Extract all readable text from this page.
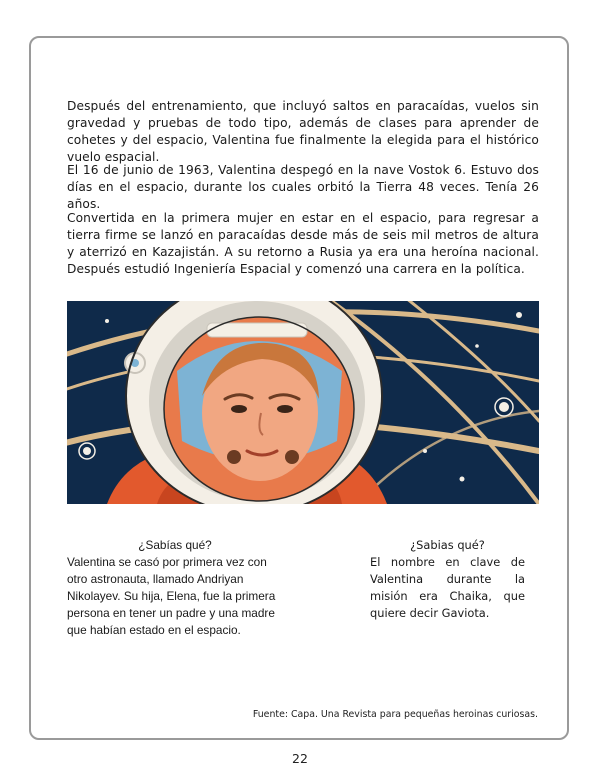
Después del entrenamiento, que incluyó saltos en paracaídas, vuelos sin gravedad y pruebas de todo tipo, además de clases para aprender de cohetes y del espacio, Valentina fue finalmente la elegida para el histórico vuelo espacial.

El 16 de junio de 1963, Valentina despegó en la nave Vostok 6. Estuvo dos días en el espacio, durante los cuales orbitó la Tierra 48 veces. Tenía 26 años.

Convertida en la primera mujer en estar en el espacio, para regresar a tierra firme se lanzó en paracaídas desde más de seis mil metros de altura y aterrizó en Kazajistán. A su retorno a Rusia ya era una heroína nacional. Después estudió Ingeniería Espacial y comenzó una carrera en la política.

¿Sabías qué?
Valentina se casó por primera vez con otro astronauta, llamado Andriyan Nikolayev. Su hija, Elena, fue la primera persona en tener un padre y una madre que habían estado en el espacio.
¿Sabias qué?
El nombre en clave de Valentina durante la misión era Chaika, que quiere decir Gaviota.
Fuente: Capa. Una Revista para pequeñas heroinas curiosas.
22
